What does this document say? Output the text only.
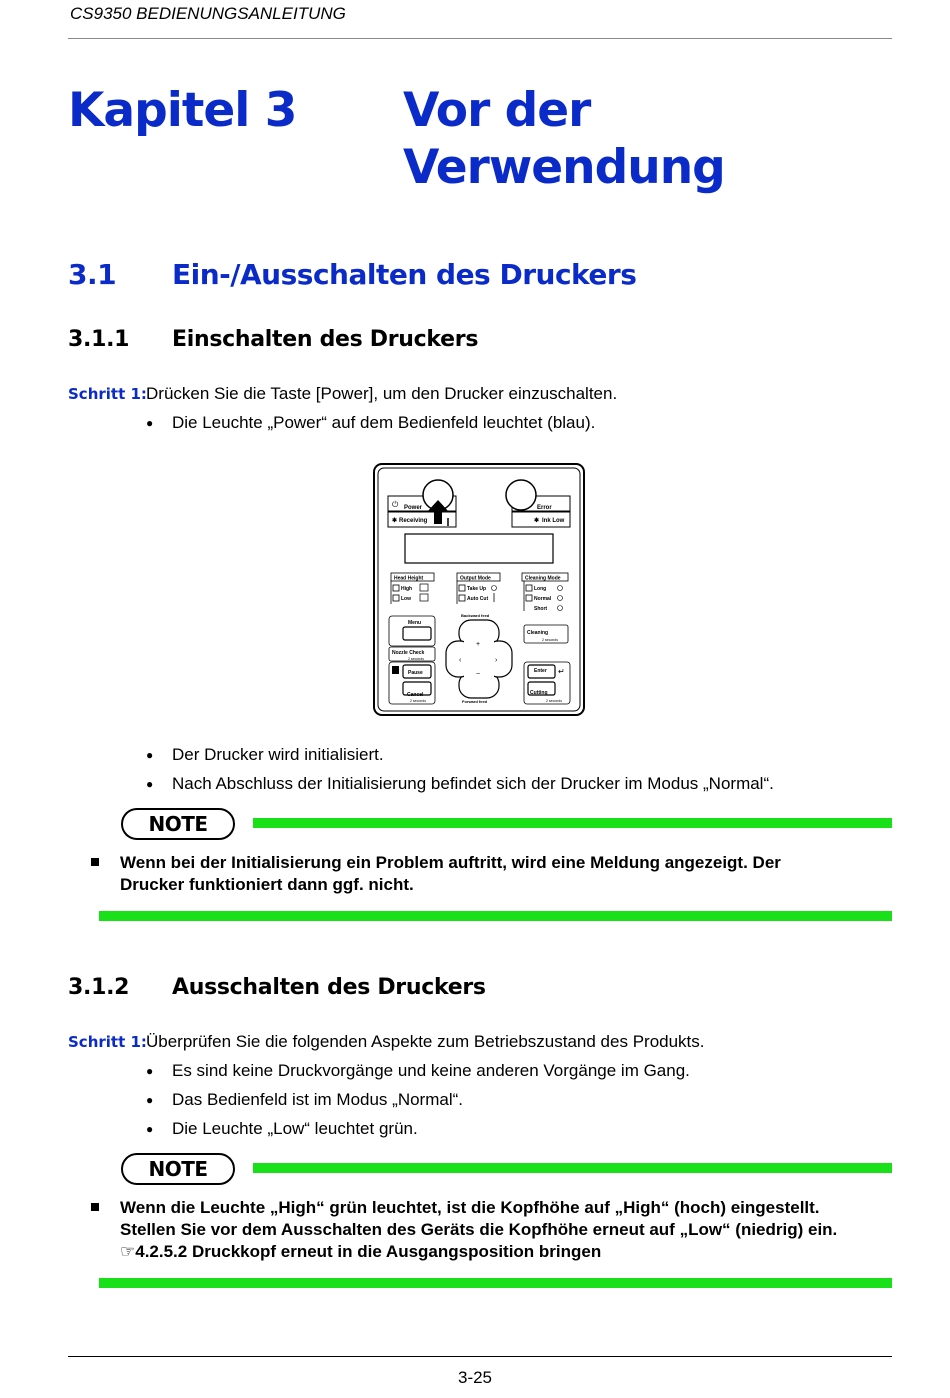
CS9350 BEDIENUNGSANLEITUNG
Kapitel 3 Vor der
Verwendung
3.1 Ein-/Ausschalten des Druckers
3.1.1 Einschalten des Druckers
Schritt 1: Drücken Sie die Taste [Power], um den Drucker einzuschalten.
● Die Leuchte „Power“ auf dem Bedienfeld leuchtet (blau).
⏻ Power
✱ Receiving
Error
✱ Ink Low
Head Height
High
Low
Output Mode
Take Up
Auto Cut
Cleaning Mode
Long
Normal
Short
Menu
Nozzle Check
2 seconds
Pause
Cancel
2 seconds
Backward feed
Forward feed
+
−
‹	›
Cleaning
2 seconds
Enter ↵
Cutting
2 seconds
● Der Drucker wird initialisiert.
● Nach Abschluss der Initialisierung befindet sich der Drucker im Modus „Normal“.
NOTE
Wenn bei der Initialisierung ein Problem auftritt, wird eine Meldung angezeigt. Der
Drucker funktioniert dann ggf. nicht.
3.1.2 Ausschalten des Druckers
Schritt 1: Überprüfen Sie die folgenden Aspekte zum Betriebszustand des Produkts.
● Es sind keine Druckvorgänge und keine anderen Vorgänge im Gang.
● Das Bedienfeld ist im Modus „Normal“.
● Die Leuchte „Low“ leuchtet grün.
NOTE
Wenn die Leuchte „High“ grün leuchtet, ist die Kopfhöhe auf „High“ (hoch) eingestellt.
Stellen Sie vor dem Ausschalten des Geräts die Kopfhöhe erneut auf „Low“ (niedrig) ein.
☞4.2.5.2 Druckkopf erneut in die Ausgangsposition bringen
3-25
